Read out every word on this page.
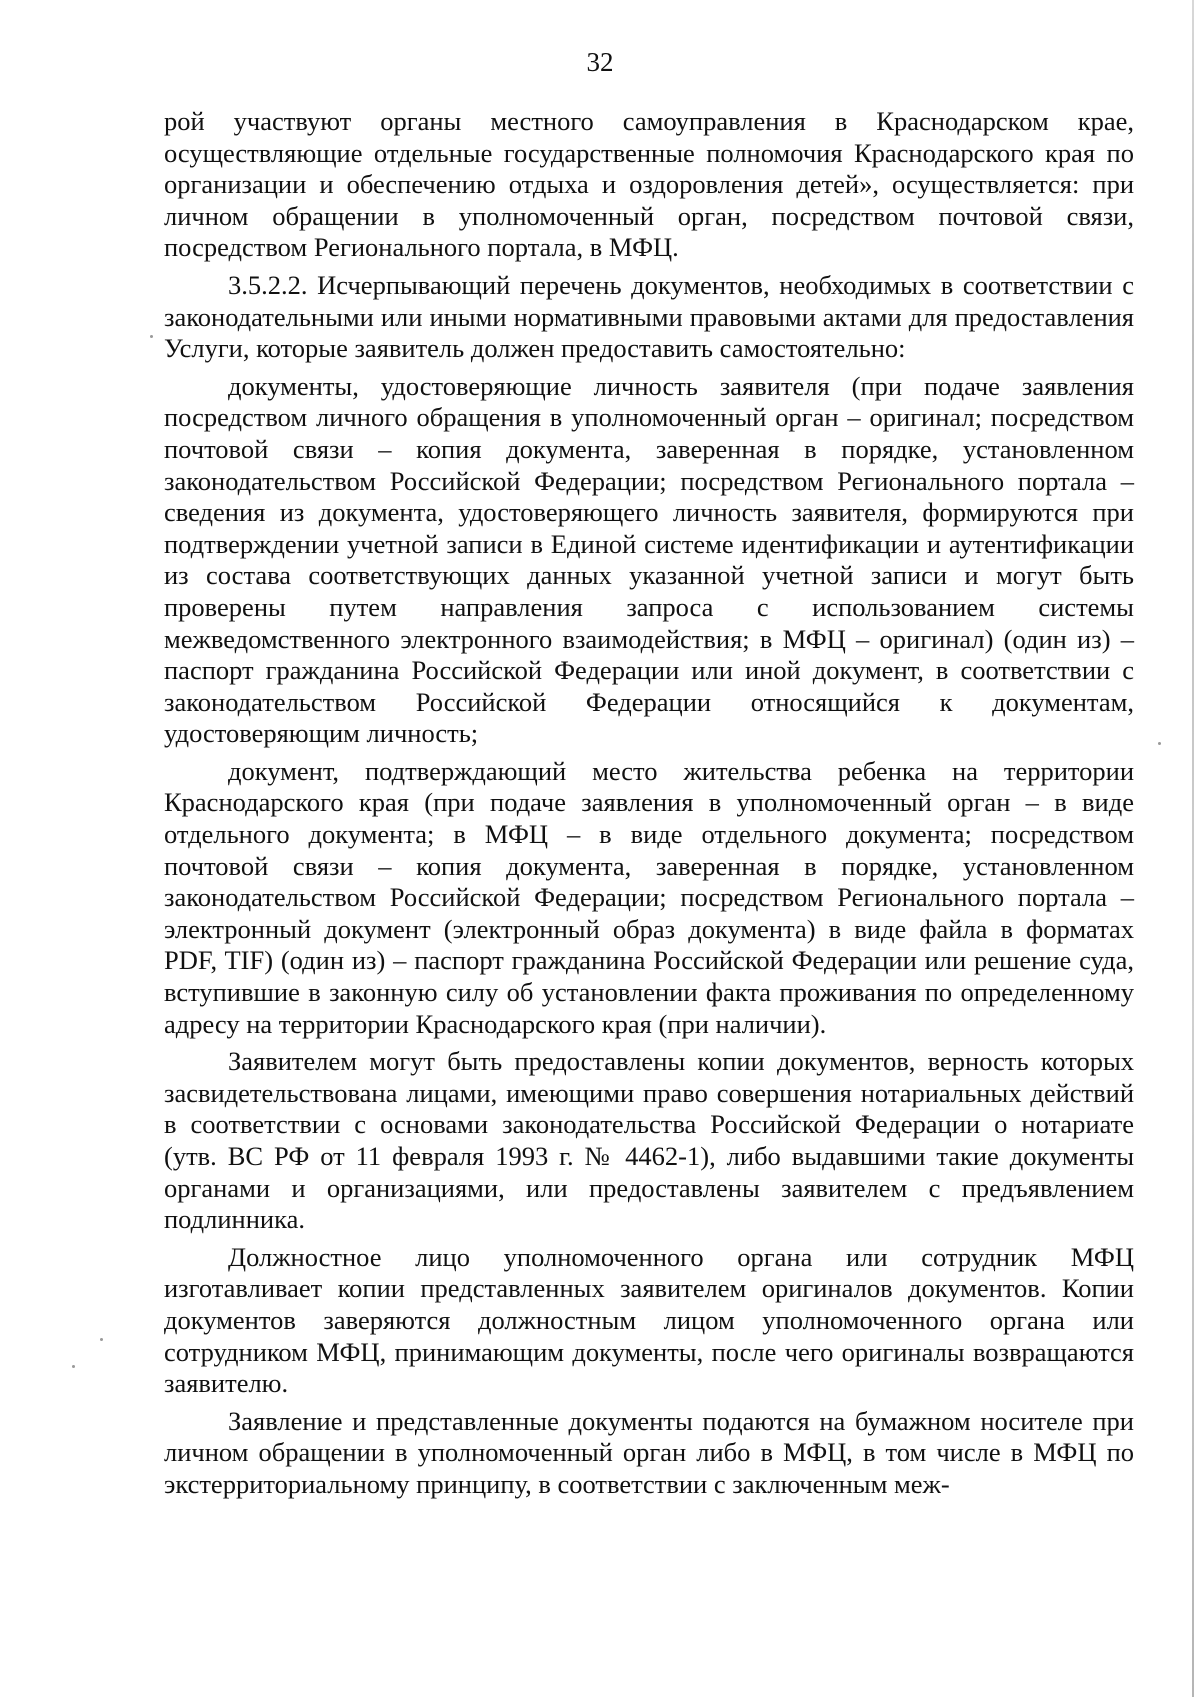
32

рой участвуют органы местного самоуправления в Краснодарском крае, осуществляющие отдельные государственные полномочия Краснодарского края по организации и обеспечению отдыха и оздоровления детей», осуществляется: при личном обращении в уполномоченный орган, посредством почтовой связи, посредством Регионального портала, в МФЦ.

3.5.2.2. Исчерпывающий перечень документов, необходимых в соответствии с законодательными или иными нормативными правовыми актами для предоставления Услуги, которые заявитель должен предоставить самостоятельно:

документы, удостоверяющие личность заявителя (при подаче заявления посредством личного обращения в уполномоченный орган – оригинал; посредством почтовой связи – копия документа, заверенная в порядке, установленном законодательством Российской Федерации; посредством Регионального портала – сведения из документа, удостоверяющего личность заявителя, формируются при подтверждении учетной записи в Единой системе идентификации и аутентификации из состава соответствующих данных указанной учетной записи и могут быть проверены путем направления запроса с использованием системы межведомственного электронного взаимодействия; в МФЦ – оригинал) (один из) – паспорт гражданина Российской Федерации или иной документ, в соответствии с законодательством Российской Федерации относящийся к документам, удостоверяющим личность;

документ, подтверждающий место жительства ребенка на территории Краснодарского края (при подаче заявления в уполномоченный орган – в виде отдельного документа; в МФЦ – в виде отдельного документа; посредством почтовой связи – копия документа, заверенная в порядке, установленном законодательством Российской Федерации; посредством Регионального портала – электронный документ (электронный образ документа) в виде файла в форматах PDF, TIF) (один из) – паспорт гражданина Российской Федерации или решение суда, вступившие в законную силу об установлении факта проживания по определенному адресу на территории Краснодарского края (при наличии).

Заявителем могут быть предоставлены копии документов, верность которых засвидетельствована лицами, имеющими право совершения нотариальных действий в соответствии с основами законодательства Российской Федерации о нотариате (утв. ВС РФ от 11 февраля 1993 г. № 4462-1), либо выдавшими такие документы органами и организациями, или предоставлены заявителем с предъявлением подлинника.

Должностное лицо уполномоченного органа или сотрудник МФЦ изготавливает копии представленных заявителем оригиналов документов. Копии документов заверяются должностным лицом уполномоченного органа или сотрудником МФЦ, принимающим документы, после чего оригиналы возвращаются заявителю.

Заявление и представленные документы подаются на бумажном носителе при личном обращении в уполномоченный орган либо в МФЦ, в том числе в МФЦ по экстерриториальному принципу, в соответствии с заключенным меж-
